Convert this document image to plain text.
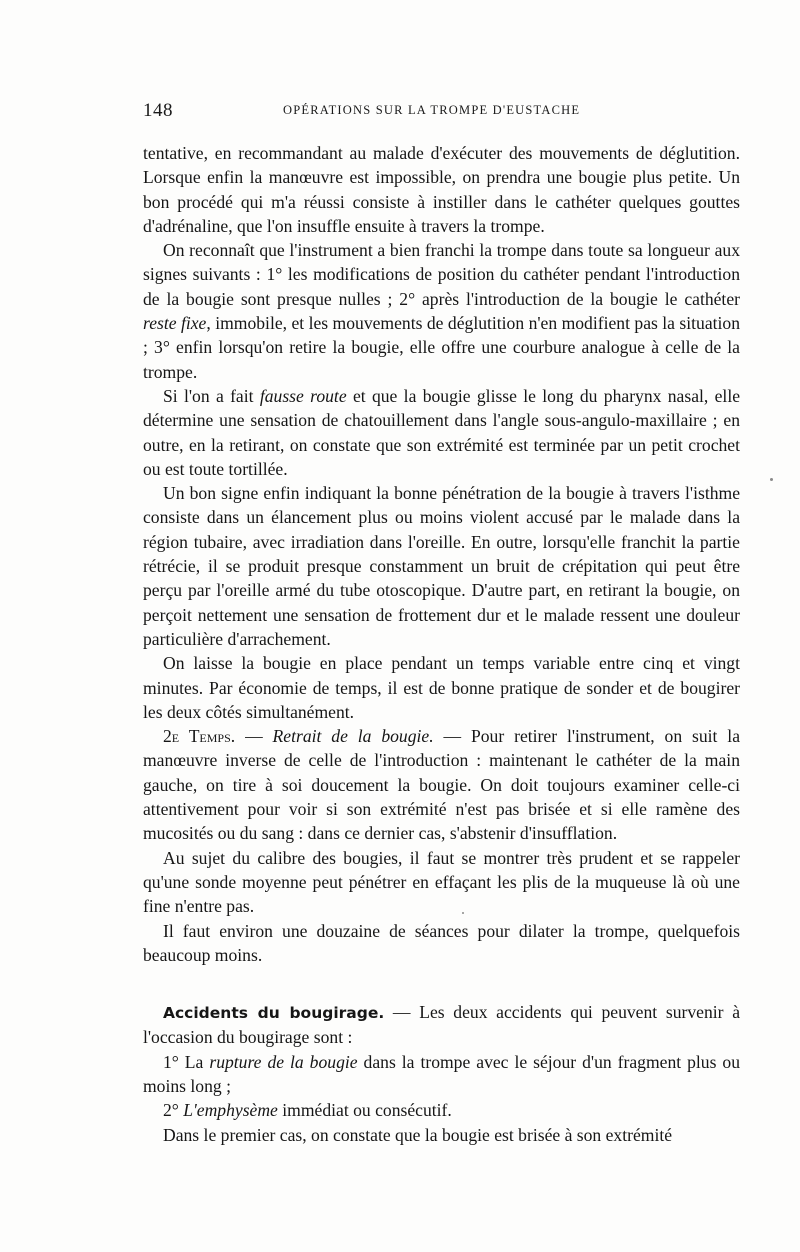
148	OPÉRATIONS SUR LA TROMPE D'EUSTACHE

tentative, en recommandant au malade d'exécuter des mouvements de déglutition. Lorsque enfin la manœuvre est impossible, on prendra une bougie plus petite. Un bon procédé qui m'a réussi consiste à instiller dans le cathéter quelques gouttes d'adrénaline, que l'on insuffle ensuite à travers la trompe.

On reconnaît que l'instrument a bien franchi la trompe dans toute sa longueur aux signes suivants : 1° les modifications de position du cathéter pendant l'introduction de la bougie sont presque nulles ; 2° après l'introduction de la bougie le cathéter reste fixe, immobile, et les mouvements de déglutition n'en modifient pas la situation ; 3° enfin lorsqu'on retire la bougie, elle offre une courbure analogue à celle de la trompe.

Si l'on a fait fausse route et que la bougie glisse le long du pharynx nasal, elle détermine une sensation de chatouillement dans l'angle sous-angulo-maxillaire ; en outre, en la retirant, on constate que son extrémité est terminée par un petit crochet ou est toute tortillée.

Un bon signe enfin indiquant la bonne pénétration de la bougie à travers l'isthme consiste dans un élancement plus ou moins violent accusé par le malade dans la région tubaire, avec irradiation dans l'oreille. En outre, lorsqu'elle franchit la partie rétrécie, il se produit presque constamment un bruit de crépitation qui peut être perçu par l'oreille armé du tube otoscopique. D'autre part, en retirant la bougie, on perçoit nettement une sensation de frottement dur et le malade ressent une douleur particulière d'arrachement.

On laisse la bougie en place pendant un temps variable entre cinq et vingt minutes. Par économie de temps, il est de bonne pratique de sonder et de bougirer les deux côtés simultanément.

2e Temps. — Retrait de la bougie. — Pour retirer l'instrument, on suit la manœuvre inverse de celle de l'introduction : maintenant le cathéter de la main gauche, on tire à soi doucement la bougie. On doit toujours examiner celle-ci attentivement pour voir si son extrémité n'est pas brisée et si elle ramène des mucosités ou du sang : dans ce dernier cas, s'abstenir d'insufflation.

Au sujet du calibre des bougies, il faut se montrer très prudent et se rappeler qu'une sonde moyenne peut pénétrer en effaçant les plis de la muqueuse là où une fine n'entre pas.

Il faut environ une douzaine de séances pour dilater la trompe, quelquefois beaucoup moins.

Accidents du bougirage. — Les deux accidents qui peuvent survenir à l'occasion du bougirage sont :

1° La rupture de la bougie dans la trompe avec le séjour d'un fragment plus ou moins long ;

2° L'emphysème immédiat ou consécutif.

Dans le premier cas, on constate que la bougie est brisée à son extrémité
